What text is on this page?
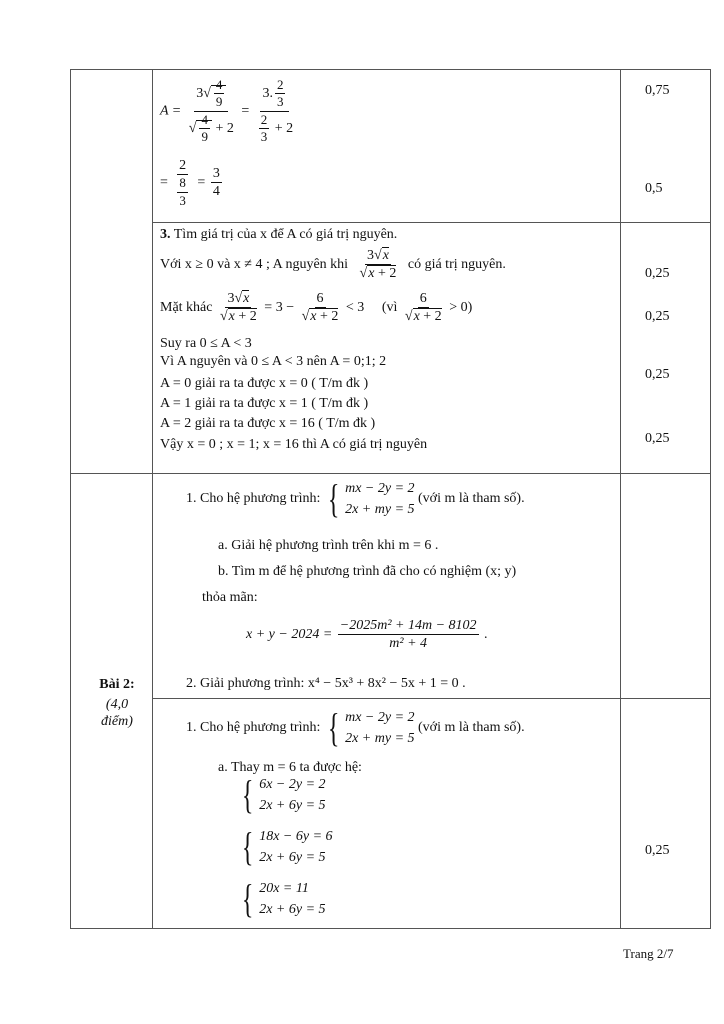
$A = \frac{3√ \frac{4}{9}}{√ \frac{4}{9} + 2} = \frac{3. \frac{2}{3}}{\frac{2}{3} + 2}$
= $\frac{2}{\frac{8}{3}} = \frac{3}{4}$
0,75
0,5
3. Tìm giá trị của x để A có giá trị nguyên.
Với x ≥ 0 và x ≠ 4 ; A nguyên khi $\frac{3√x}{√x + 2}$ có giá trị nguyên.
Mặt khác $\frac{3√x}{√x + 2} = 3 - \frac{6}{√x + 2} < 3$ (vì $\frac{6}{√x + 2} > 0$)
Suy ra 0 ≤ A < 3
Vì A nguyên và 0 ≤ A < 3 nên A = 0;1; 2
A = 0 giải ra ta được x = 0 ( T/m đk )
A = 1 giải ra ta được x = 1 ( T/m đk )
A = 2 giải ra ta được x = 16 ( T/m đk )
Vậy x = 0 ; x = 1; x = 16 thì A có giá trị nguyên
0,25
0,25
0,25
0,25
Bài 2:
(4,0
điểm)
1. Cho hệ phương trình: { mx − 2y = 2
2x + my = 5
(với m là tham số).
a. Giải hệ phương trình trên khi m = 6 .
b. Tìm m để hệ phương trình đã cho có nghiệm (x; y)
thỏa mãn:
$x + y - 2024 = \frac{\text{−2025m² + 14m − 8102}}{\text{m² + 4}}$ .
2. Giải phương trình: x⁴ − 5x³ + 8x² − 5x + 1 = 0 .
1. Cho hệ phương trình: { mx − 2y = 2
2x + my = 5
(với m là tham số).
a. Thay m = 6 ta được hệ:
{ 6x − 2y = 2
2x + 6y = 5
{ 18x − 6y = 6
2x + 6y = 5
{ 20x = 11
2x + 6y = 5
0,25
Trang 2/7
